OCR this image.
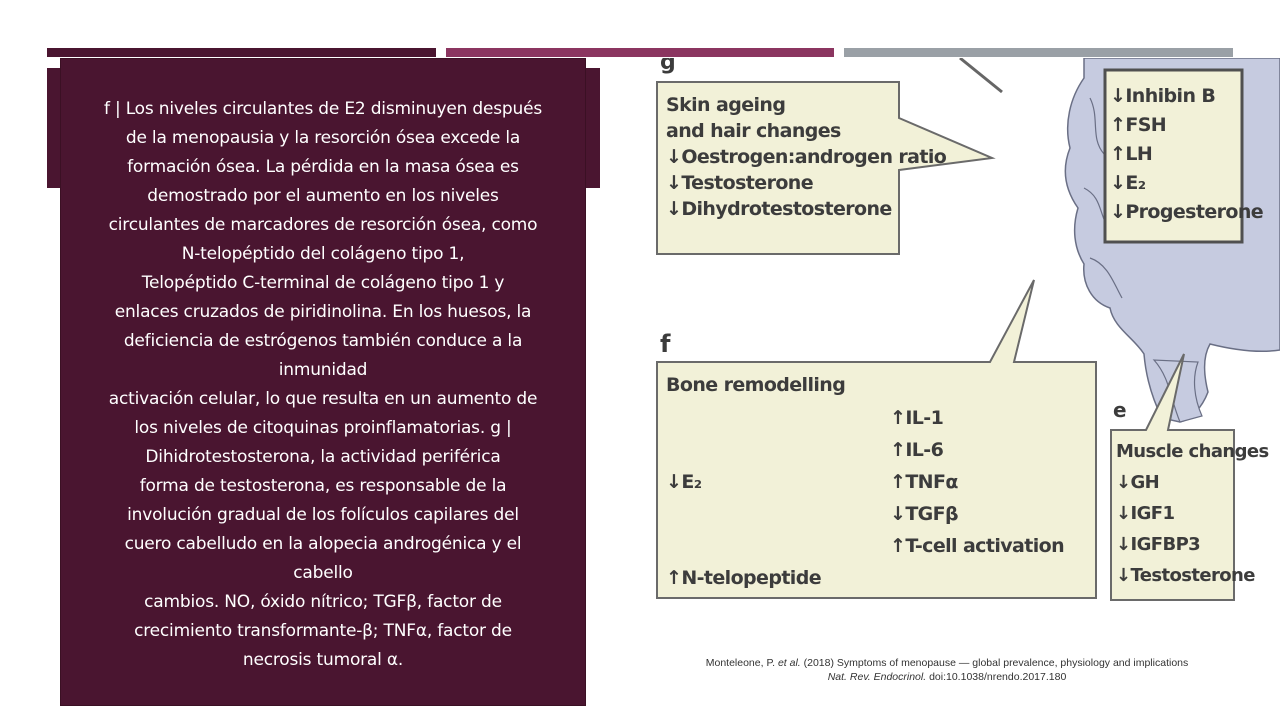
f | Los niveles circulantes de E2 disminuyen después
de la menopausia y la resorción ósea excede la
formación ósea. La pérdida en la masa ósea es
demostrado por el aumento en los niveles
circulantes de marcadores de resorción ósea, como
N-telopéptido del colágeno tipo 1,
Telopéptido C-terminal de colágeno tipo 1 y
enlaces cruzados de piridinolina. En los huesos, la
deficiencia de estrógenos también conduce a la
inmunidad
activación celular, lo que resulta en un aumento de
los niveles de citoquinas proinflamatorias. g |
Dihidrotestosterona, la actividad periférica
forma de testosterona, es responsable de la
involución gradual de los folículos capilares del
cuero cabelludo en la alopecia androgénica y el
cabello
cambios. NO, óxido nítrico; TGFβ, factor de
crecimiento transformante-β; TNFα, factor de
necrosis tumoral α.

g
f
e
Skin ageing
and hair changes
↓Oestrogen:androgen ratio
↓Testosterone
↓Dihydrotestosterone
↓Inhibin B
↑FSH
↑LH
↓E₂
↓Progesterone
Bone remodelling

↓E₂

↑N-telopeptide

↑IL-1
↑IL-6
↑TNFα
↓TGFβ
↑T-cell activation
Muscle changes
↓GH
↓IGF1
↓IGFBP3
↓Testosterone
Monteleone, P. et al. (2018) Symptoms of menopause — global prevalence, physiology and implications
Nat. Rev. Endocrinol. doi:10.1038/nrendo.2017.180
